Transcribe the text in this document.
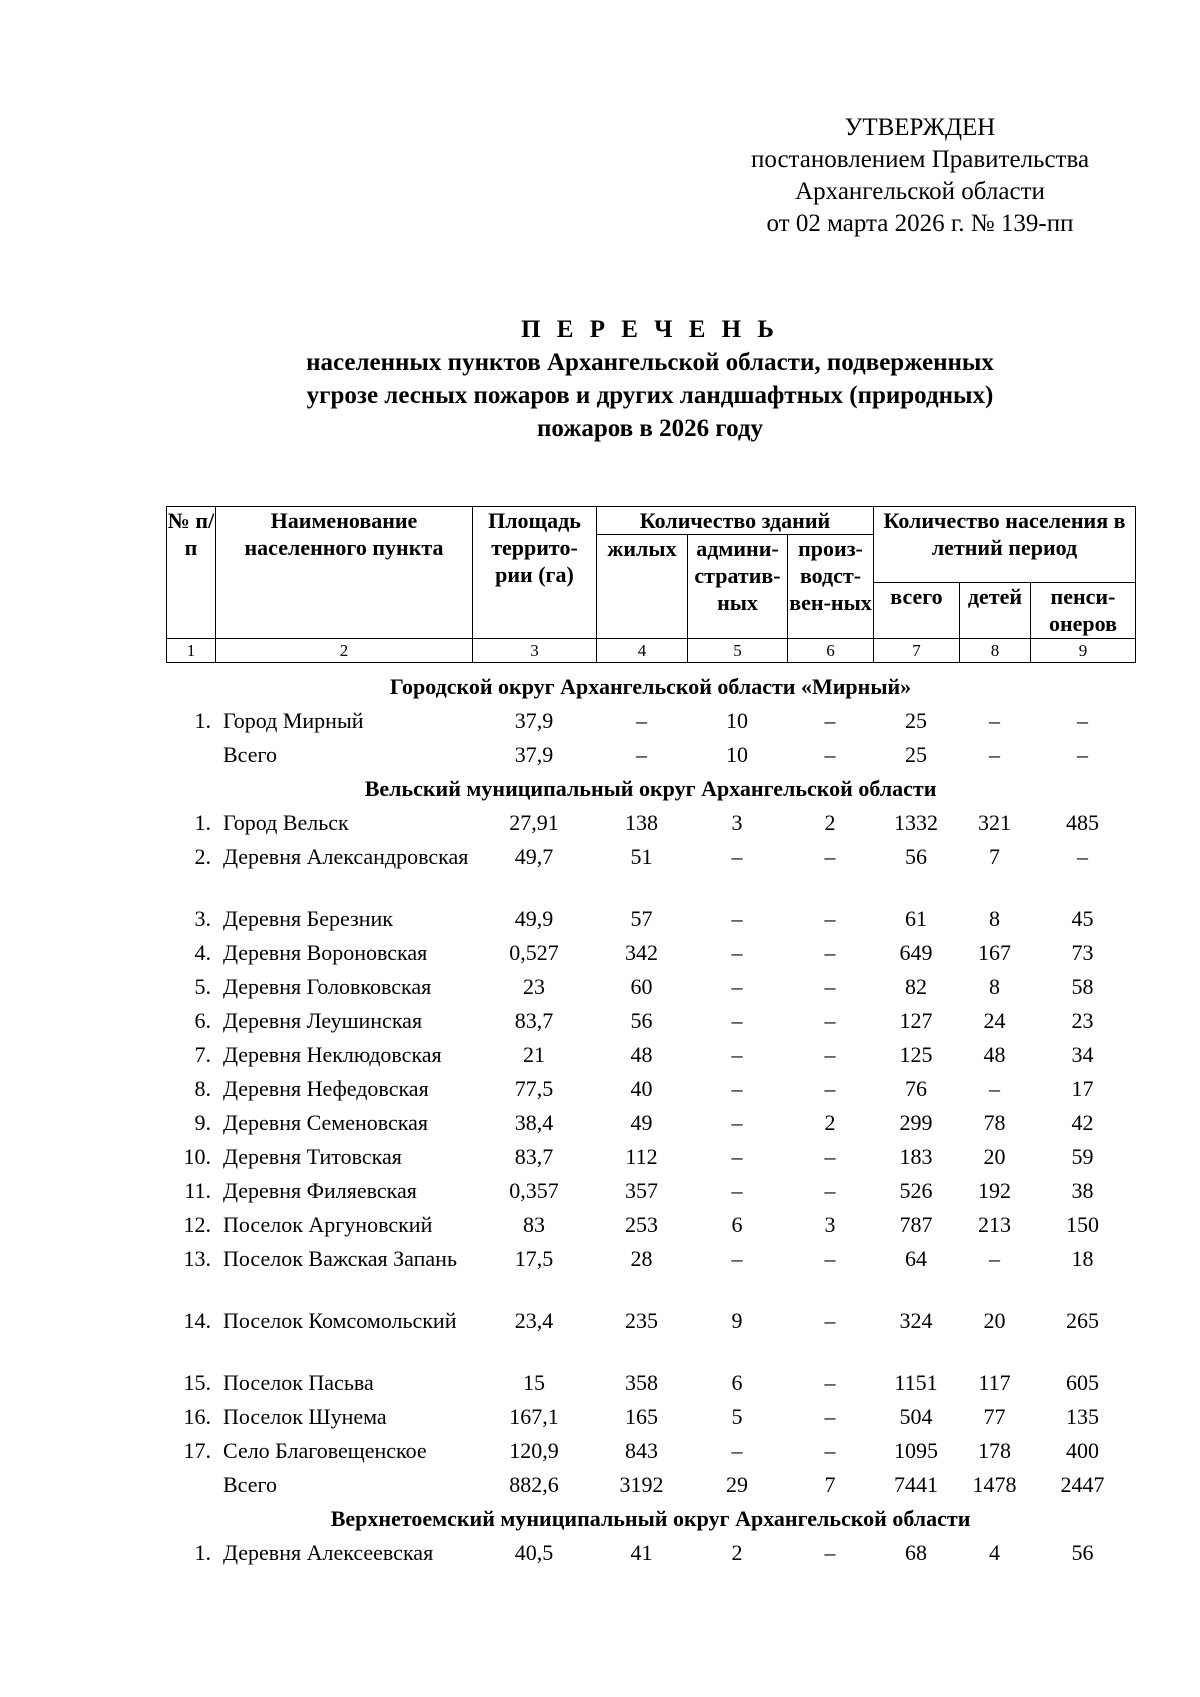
УТВЕРЖДЕН
постановлением Правительства
Архангельской области
от 02 марта 2026 г. № 139-пп
П Е Р Е Ч Е Н Ь
населенных пунктов Архангельской области, подверженных
угрозе лесных пожаров и других ландшафтных (природных)
пожаров в 2026 году
№ п/п	Наименование населенного пункта	Площадь террито-рии (га)	Количество зданий			Количество населения в летний период		
			жилых	админи-стратив-ных	произ-водст-вен-ных			
						всего	детей	пенси-онеров
1	2	3	4	5	6	7	8	9
Городской округ Архангельской области «Мирный»								
1.	Город Мирный	37,9	–	10	–	25	–	–
	Всего	37,9	–	10	–	25	–	–
Вельский муниципальный округ Архангельской области								
1.	Город Вельск	27,91	138	3	2	1332	321	485
2.	Деревня Александровская	49,7	51	–	–	56	7	–
3.	Деревня Березник	49,9	57	–	–	61	8	45
4.	Деревня Вороновская	0,527	342	–	–	649	167	73
5.	Деревня Головковская	23	60	–	–	82	8	58
6.	Деревня Леушинская	83,7	56	–	–	127	24	23
7.	Деревня Неклюдовская	21	48	–	–	125	48	34
8.	Деревня Нефедовская	77,5	40	–	–	76	–	17
9.	Деревня Семеновская	38,4	49	–	2	299	78	42
10.	Деревня Титовская	83,7	112	–	–	183	20	59
11.	Деревня Филяевская	0,357	357	–	–	526	192	38
12.	Поселок Аргуновский	83	253	6	3	787	213	150
13.	Поселок Важская Запань	17,5	28	–	–	64	–	18
14.	Поселок Комсомольский	23,4	235	9	–	324	20	265
15.	Поселок Пасьва	15	358	6	–	1151	117	605
16.	Поселок Шунема	167,1	165	5	–	504	77	135
17.	Село Благовещенское	120,9	843	–	–	1095	178	400
	Всего	882,6	3192	29	7	7441	1478	2447
Верхнетоемский муниципальный округ Архангельской области								
1.	Деревня Алексеевская	40,5	41	2	–	68	4	56
